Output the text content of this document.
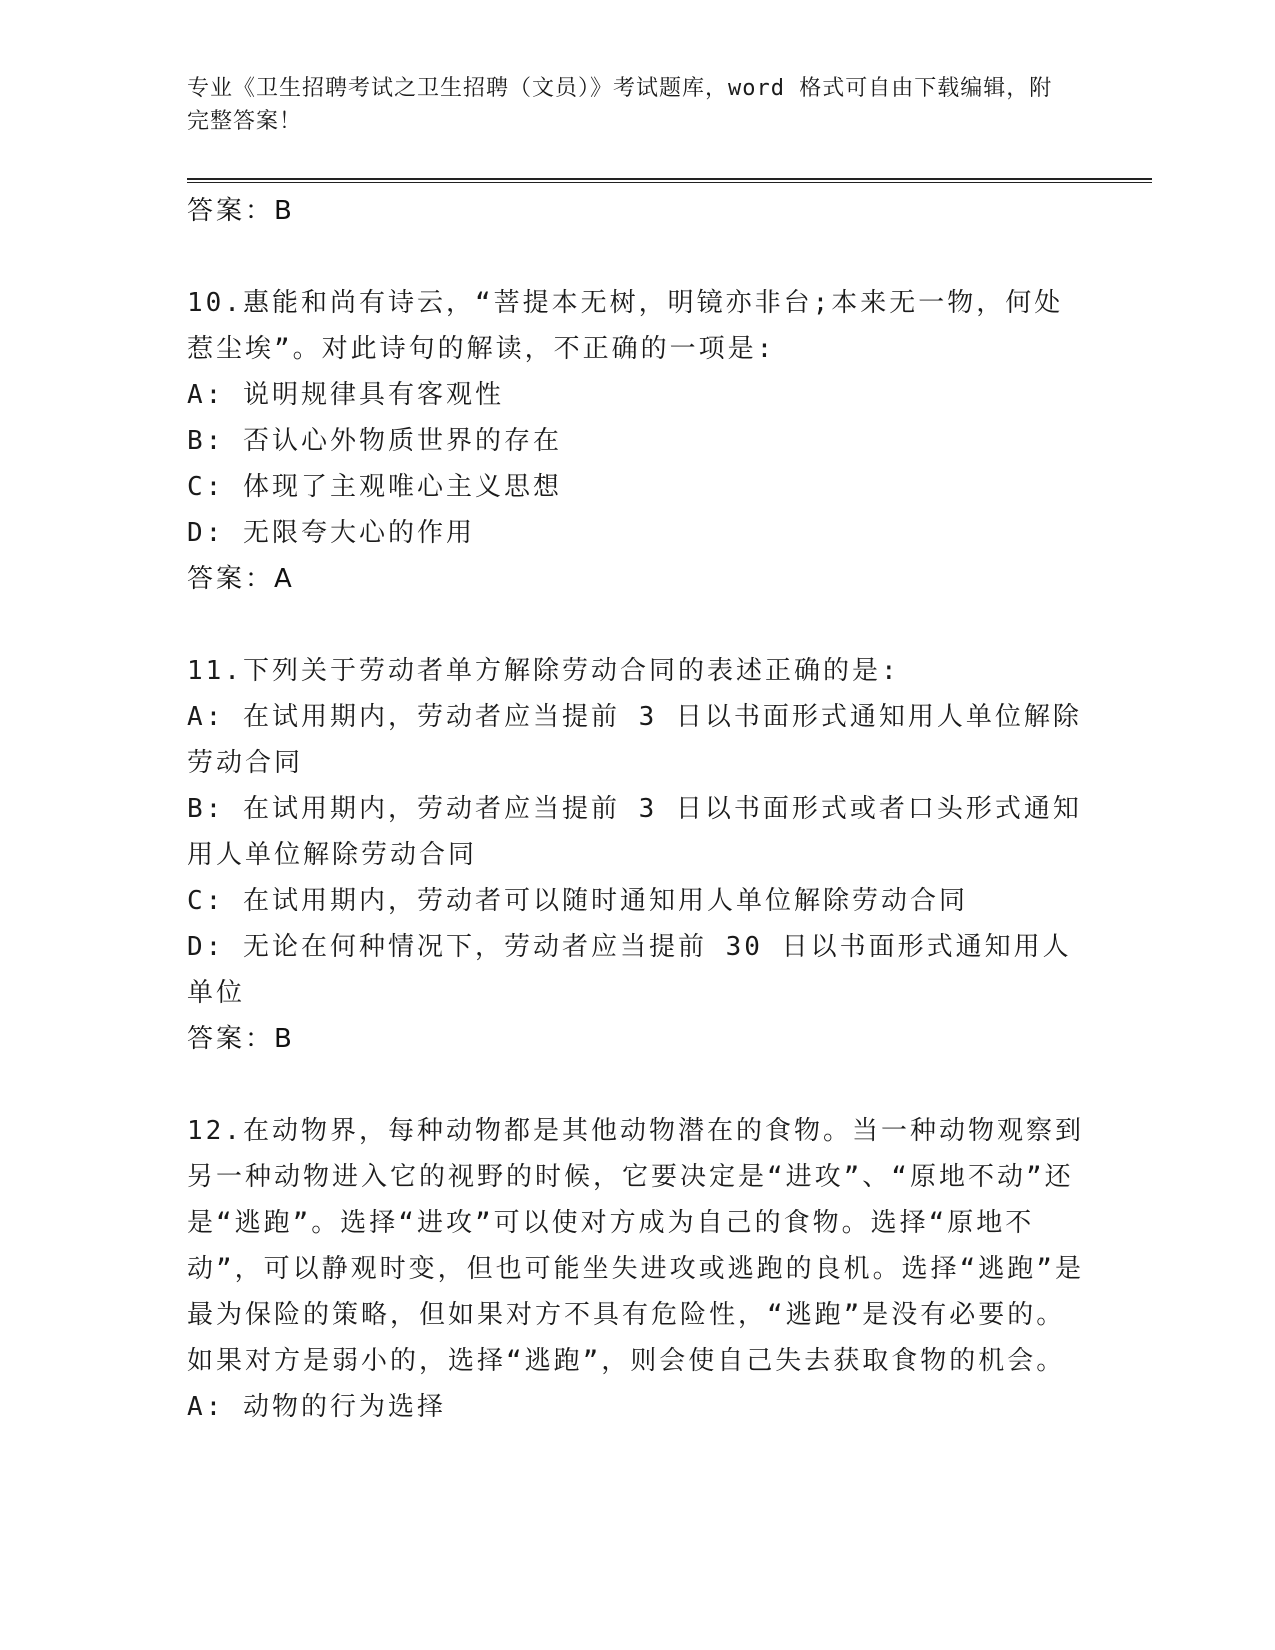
专业《卫生招聘考试之卫生招聘（文员）》考试题库，word 格式可自由下载编辑，附完整答案！
答案：B
10.惠能和尚有诗云，“菩提本无树，明镜亦非台;本来无一物，何处惹尘埃”。对此诗句的解读，不正确的一项是:
A: 说明规律具有客观性
B: 否认心外物质世界的存在
C: 体现了主观唯心主义思想
D: 无限夸大心的作用
答案：A
11.下列关于劳动者单方解除劳动合同的表述正确的是:
A: 在试用期内，劳动者应当提前 3 日以书面形式通知用人单位解除劳动合同
B: 在试用期内，劳动者应当提前 3 日以书面形式或者口头形式通知用人单位解除劳动合同
C: 在试用期内，劳动者可以随时通知用人单位解除劳动合同
D: 无论在何种情况下，劳动者应当提前 30 日以书面形式通知用人单位
答案：B
12.在动物界，每种动物都是其他动物潜在的食物。当一种动物观察到另一种动物进入它的视野的时候，它要决定是“进攻”、“原地不动”还是“逃跑”。选择“进攻”可以使对方成为自己的食物。选择“原地不动”，可以静观时变，但也可能坐失进攻或逃跑的良机。选择“逃跑”是最为保险的策略，但如果对方不具有危险性，“逃跑”是没有必要的。如果对方是弱小的，选择“逃跑”，则会使自己失去获取食物的机会。
A: 动物的行为选择
